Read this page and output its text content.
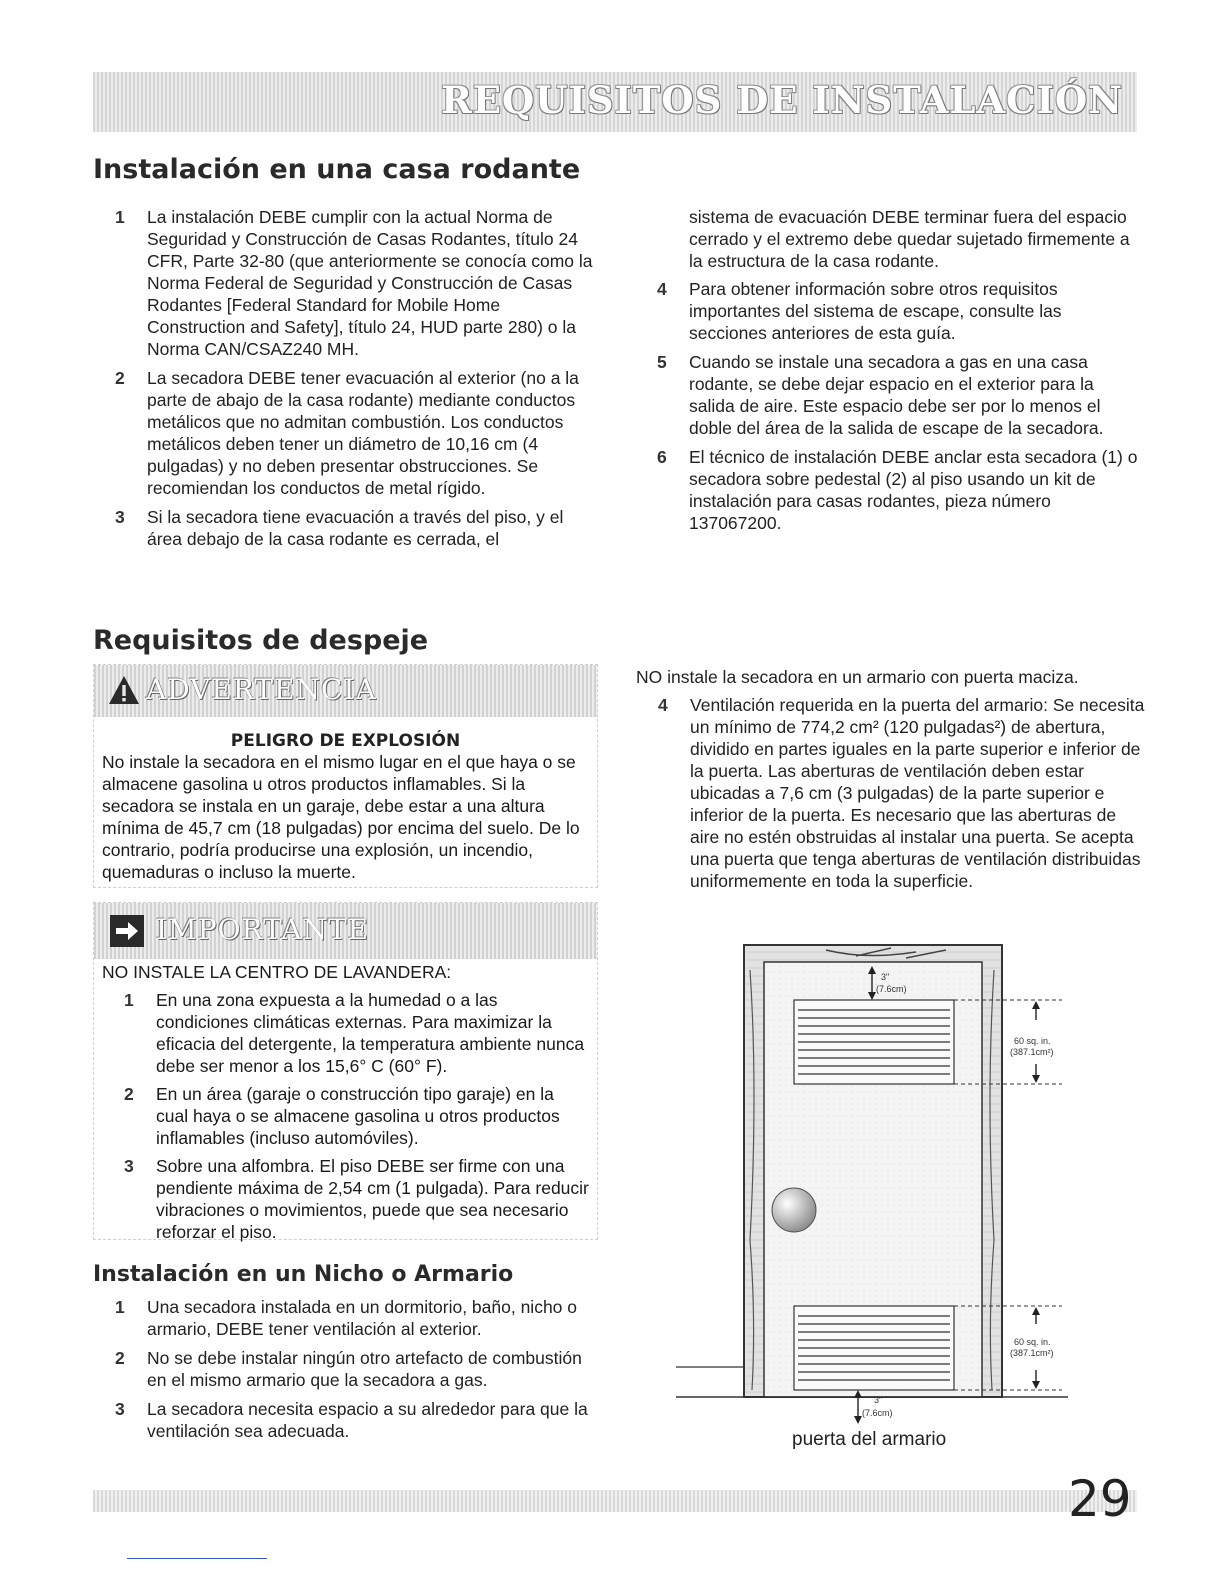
REQUISITOS DE INSTALACIÓN
Instalación en una casa rodante
1	La instalación DEBE cumplir con la actual Norma de Seguridad y Construcción de Casas Rodantes, título 24 CFR, Parte 32-80 (que anteriormente se conocía como la Norma Federal de Seguridad y Construcción de Casas Rodantes [Federal Standard for Mobile Home Construction and Safety], título 24, HUD parte 280) o la Norma CAN/CSAZ240 MH.
2	La secadora DEBE tener evacuación al exterior (no a la parte de abajo de la casa rodante) mediante conductos metálicos que no admitan combustión. Los conductos metálicos deben tener un diámetro de 10,16 cm (4 pulgadas) y no deben presentar obstrucciones. Se recomiendan los conductos de metal rígido.
3	Si la secadora tiene evacuación a través del piso, y el área debajo de la casa rodante es cerrada, el
sistema de evacuación DEBE terminar fuera del espacio cerrado y el extremo debe quedar sujetado firmemente a la estructura de la casa rodante.
4	Para obtener información sobre otros requisitos importantes del sistema de escape, consulte las secciones anteriores de esta guía.
5	Cuando se instale una secadora a gas en una casa rodante, se debe dejar espacio en el exterior para la salida de aire. Este espacio debe ser por lo menos el doble del área de la salida de escape de la secadora.
6	El técnico de instalación DEBE anclar esta secadora (1) o secadora sobre pedestal (2) al piso usando un kit de instalación para casas rodantes, pieza número 137067200.
Requisitos de despeje
ADVERTENCIA
PELIGRO DE EXPLOSIÓN
No instale la secadora en el mismo lugar en el que haya o se almacene gasolina u otros productos inflamables. Si la secadora se instala en un garaje, debe estar a una altura mínima de 45,7 cm (18 pulgadas) por encima del suelo. De lo contrario, podría producirse una explosión, un incendio, quemaduras o incluso la muerte.
IMPORTANTE
NO INSTALE LA CENTRO DE LAVANDERA:
1	En una zona expuesta a la humedad o a las condiciones climáticas externas. Para maximizar la eficacia del detergente, la temperatura ambiente nunca debe ser menor a los 15,6° C (60° F).
2	En un área (garaje o construcción tipo garaje) en la cual haya o se almacene gasolina u otros productos inflamables (incluso automóviles).
3	Sobre una alfombra. El piso DEBE ser firme con una pendiente máxima de 2,54 cm (1 pulgada). Para reducir vibraciones o movimientos, puede que sea necesario reforzar el piso.
NO instale la secadora en un armario con puerta maciza.
4	Ventilación requerida en la puerta del armario: Se necesita un mínimo de 774,2 cm² (120 pulgadas²) de abertura, dividido en partes iguales en la parte superior e inferior de la puerta. Las aberturas de ventilación deben estar ubicadas a 7,6 cm (3 pulgadas) de la parte superior e inferior de la puerta. Es necesario que las aberturas de aire no estén obstruidas al instalar una puerta. Se acepta una puerta que tenga aberturas de ventilación distribuidas uniformemente en toda la superficie.
3"
(7.6cm)
60 sq. in.
(387.1cm²)
60 sq. in.
(387.1cm²)
3"
(7.6cm)
puerta del armario
Instalación en un Nicho o Armario
1	Una secadora instalada en un dormitorio, baño, nicho o armario, DEBE tener ventilación al exterior.
2	No se debe instalar ningún otro artefacto de combustión en el mismo armario que la secadora a gas.
3	La secadora necesita espacio a su alrededor para que la ventilación sea adecuada.
29
